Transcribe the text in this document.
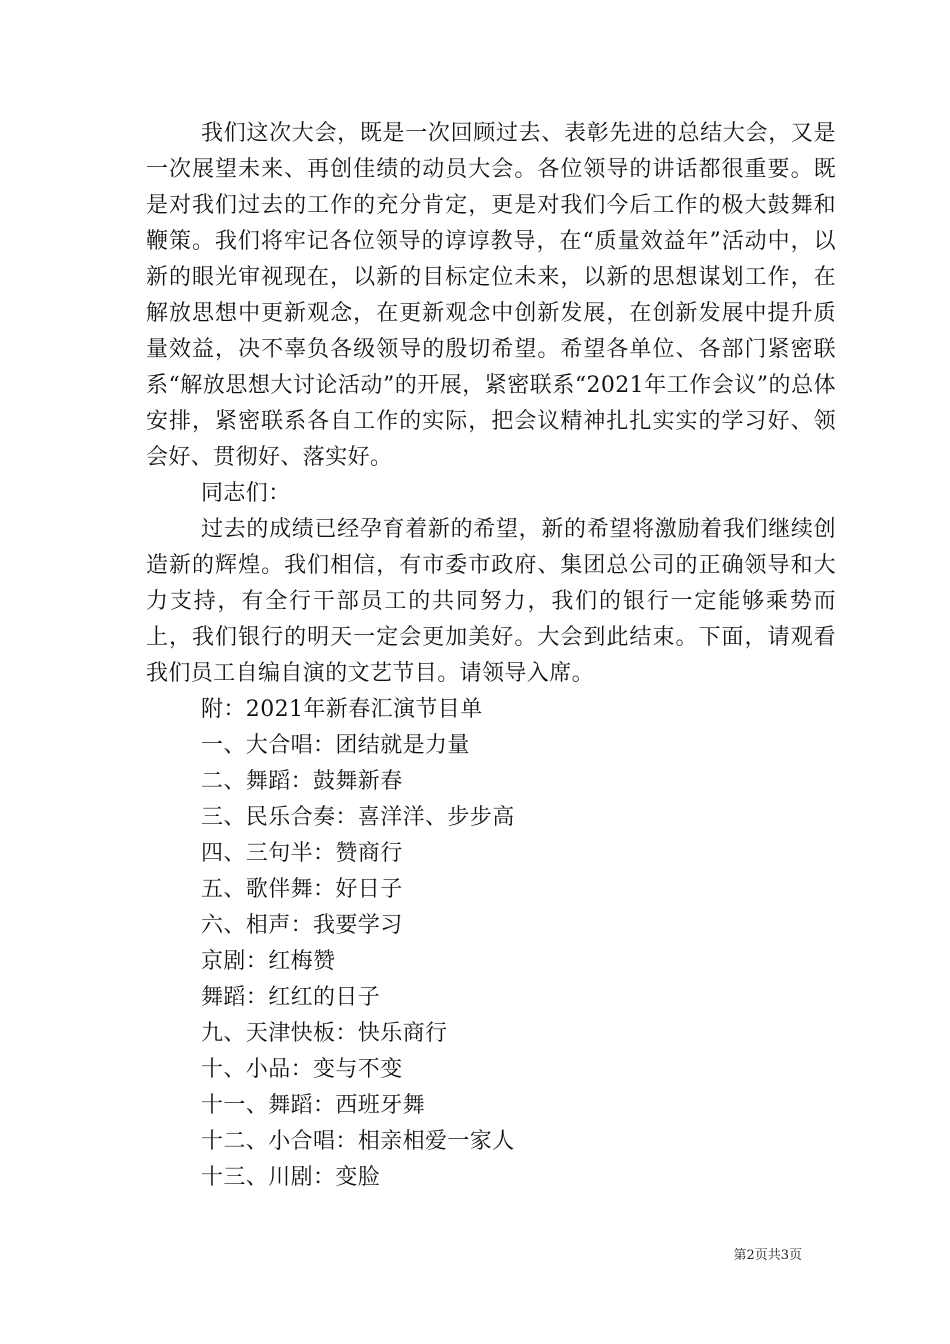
我们这次大会，既是一次回顾过去、表彰先进的总结大会，又是一次展望未来、再创佳绩的动员大会。各位领导的讲话都很重要。既是对我们过去的工作的充分肯定，更是对我们今后工作的极大鼓舞和鞭策。我们将牢记各位领导的谆谆教导，在“质量效益年”活动中，以新的眼光审视现在，以新的目标定位未来，以新的思想谋划工作，在解放思想中更新观念，在更新观念中创新发展，在创新发展中提升质量效益，决不辜负各级领导的殷切希望。希望各单位、各部门紧密联系“解放思想大讨论活动”的开展，紧密联系“2021年工作会议”的总体安排，紧密联系各自工作的实际，把会议精神扎扎实实的学习好、领会好、贯彻好、落实好。

同志们：

过去的成绩已经孕育着新的希望，新的希望将激励着我们继续创造新的辉煌。我们相信，有市委市政府、集团总公司的正确领导和大力支持，有全行干部员工的共同努力，我们的银行一定能够乘势而上，我们银行的明天一定会更加美好。大会到此结束。下面，请观看我们员工自编自演的文艺节目。请领导入席。

附：2021年新春汇演节目单

一、大合唱：团结就是力量
二、舞蹈：鼓舞新春
三、民乐合奏：喜洋洋、步步高
四、三句半：赞商行
五、歌伴舞：好日子
六、相声：我要学习
京剧：红梅赞
舞蹈：红红的日子
九、天津快板：快乐商行
十、小品：变与不变
十一、舞蹈：西班牙舞
十二、小合唱：相亲相爱一家人
十三、川剧：变脸
第2页共3页
